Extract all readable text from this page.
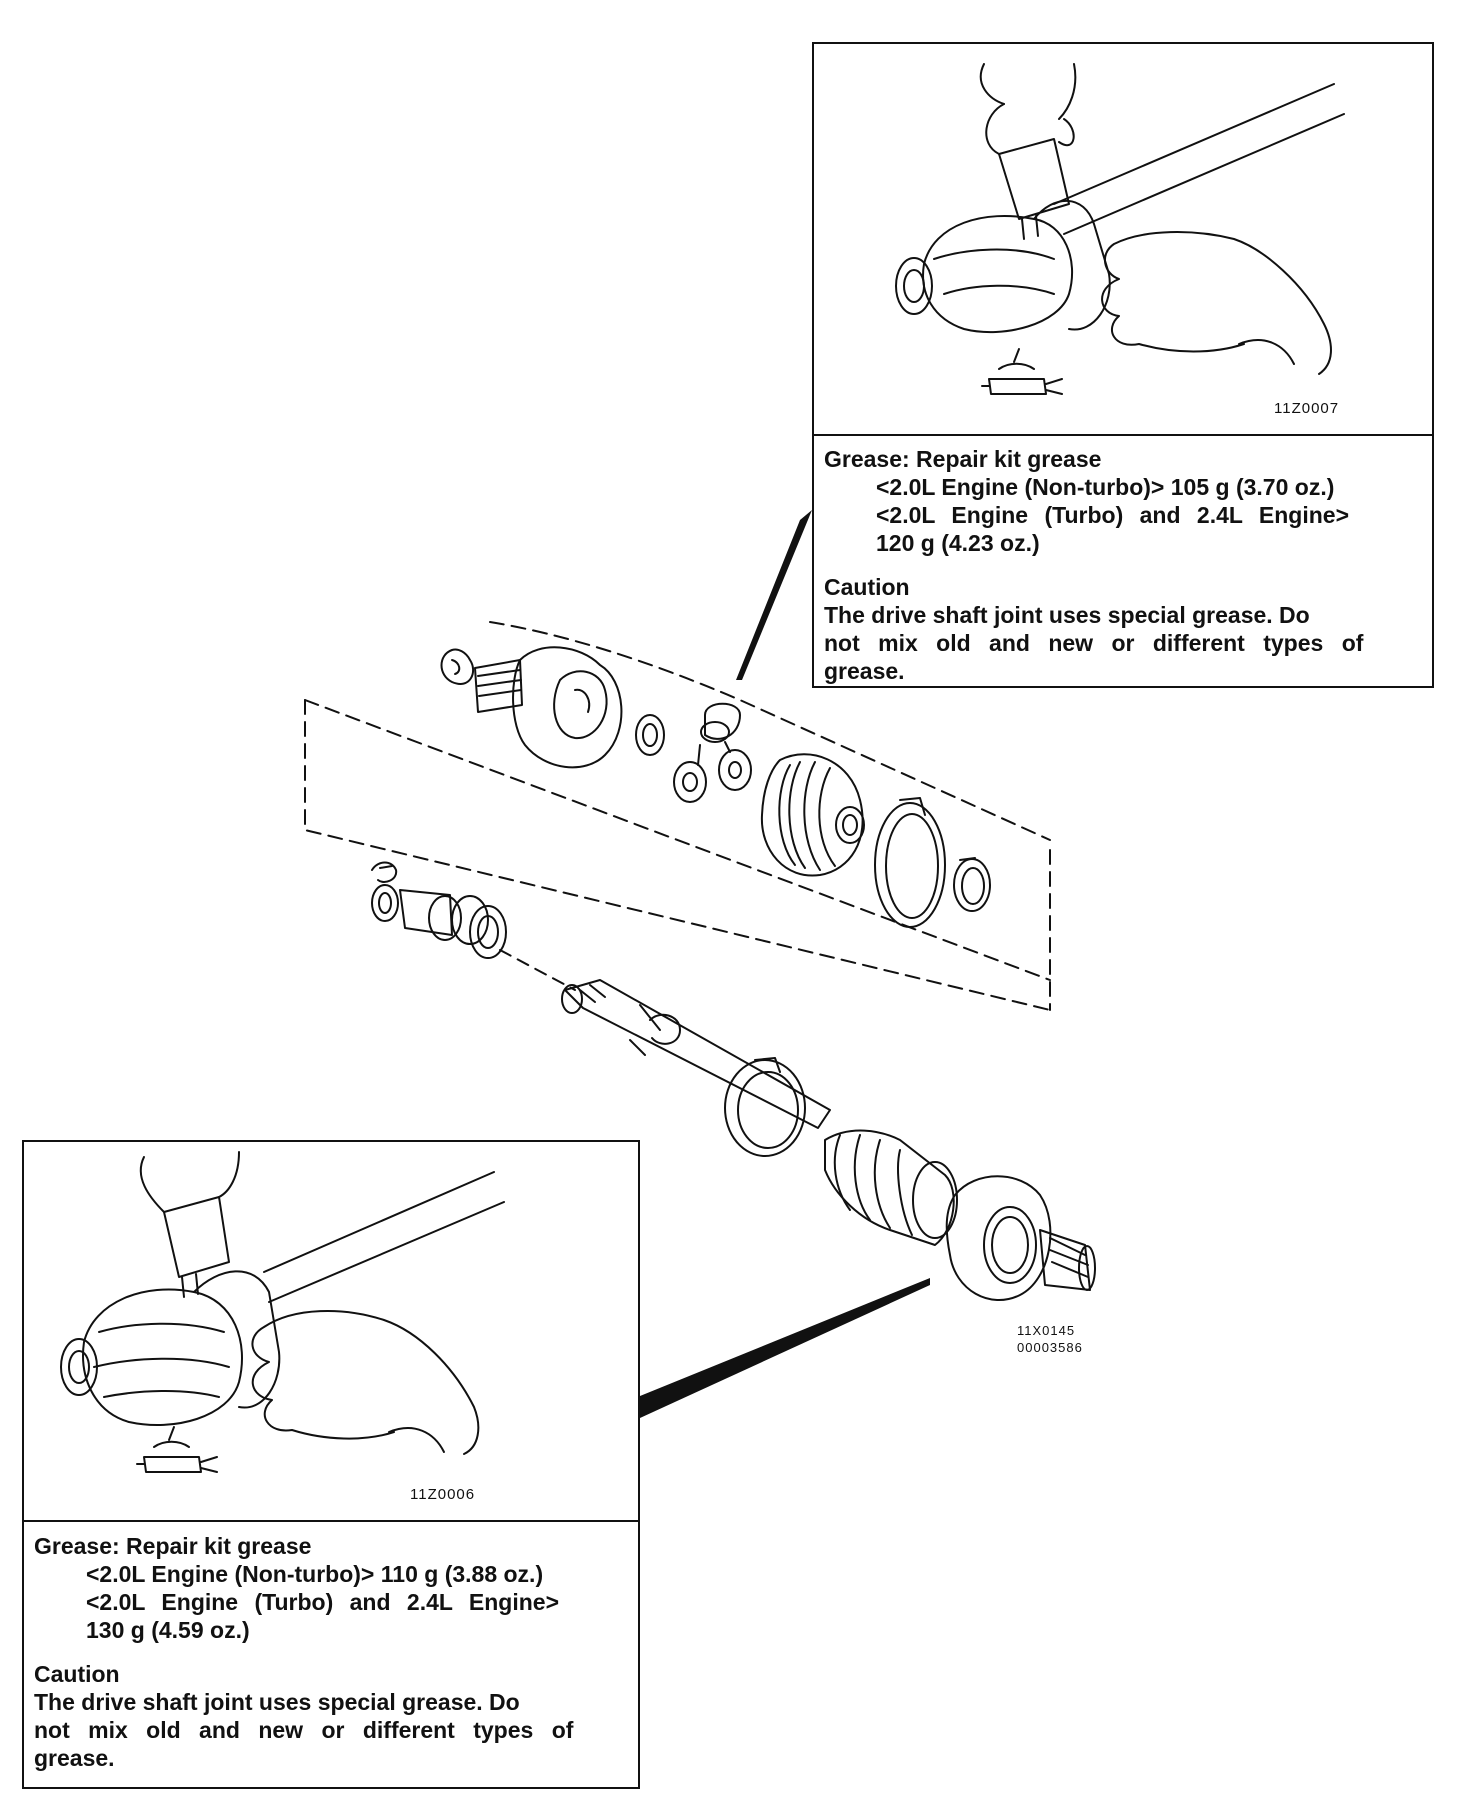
11X0145
00003586
11Z0007
Grease: Repair kit grease
<2.0L Engine (Non-turbo)> 105 g (3.70 oz.)
<2.0L Engine (Turbo) and 2.4L Engine>
120 g (4.23 oz.)
Caution
The drive shaft joint uses special grease. Do
not mix old and new or different types of
grease.
11Z0006
Grease: Repair kit grease
<2.0L Engine (Non-turbo)> 110 g (3.88 oz.)
<2.0L Engine (Turbo) and 2.4L Engine>
130 g (4.59 oz.)
Caution
The drive shaft joint uses special grease. Do
not mix old and new or different types of
grease.
